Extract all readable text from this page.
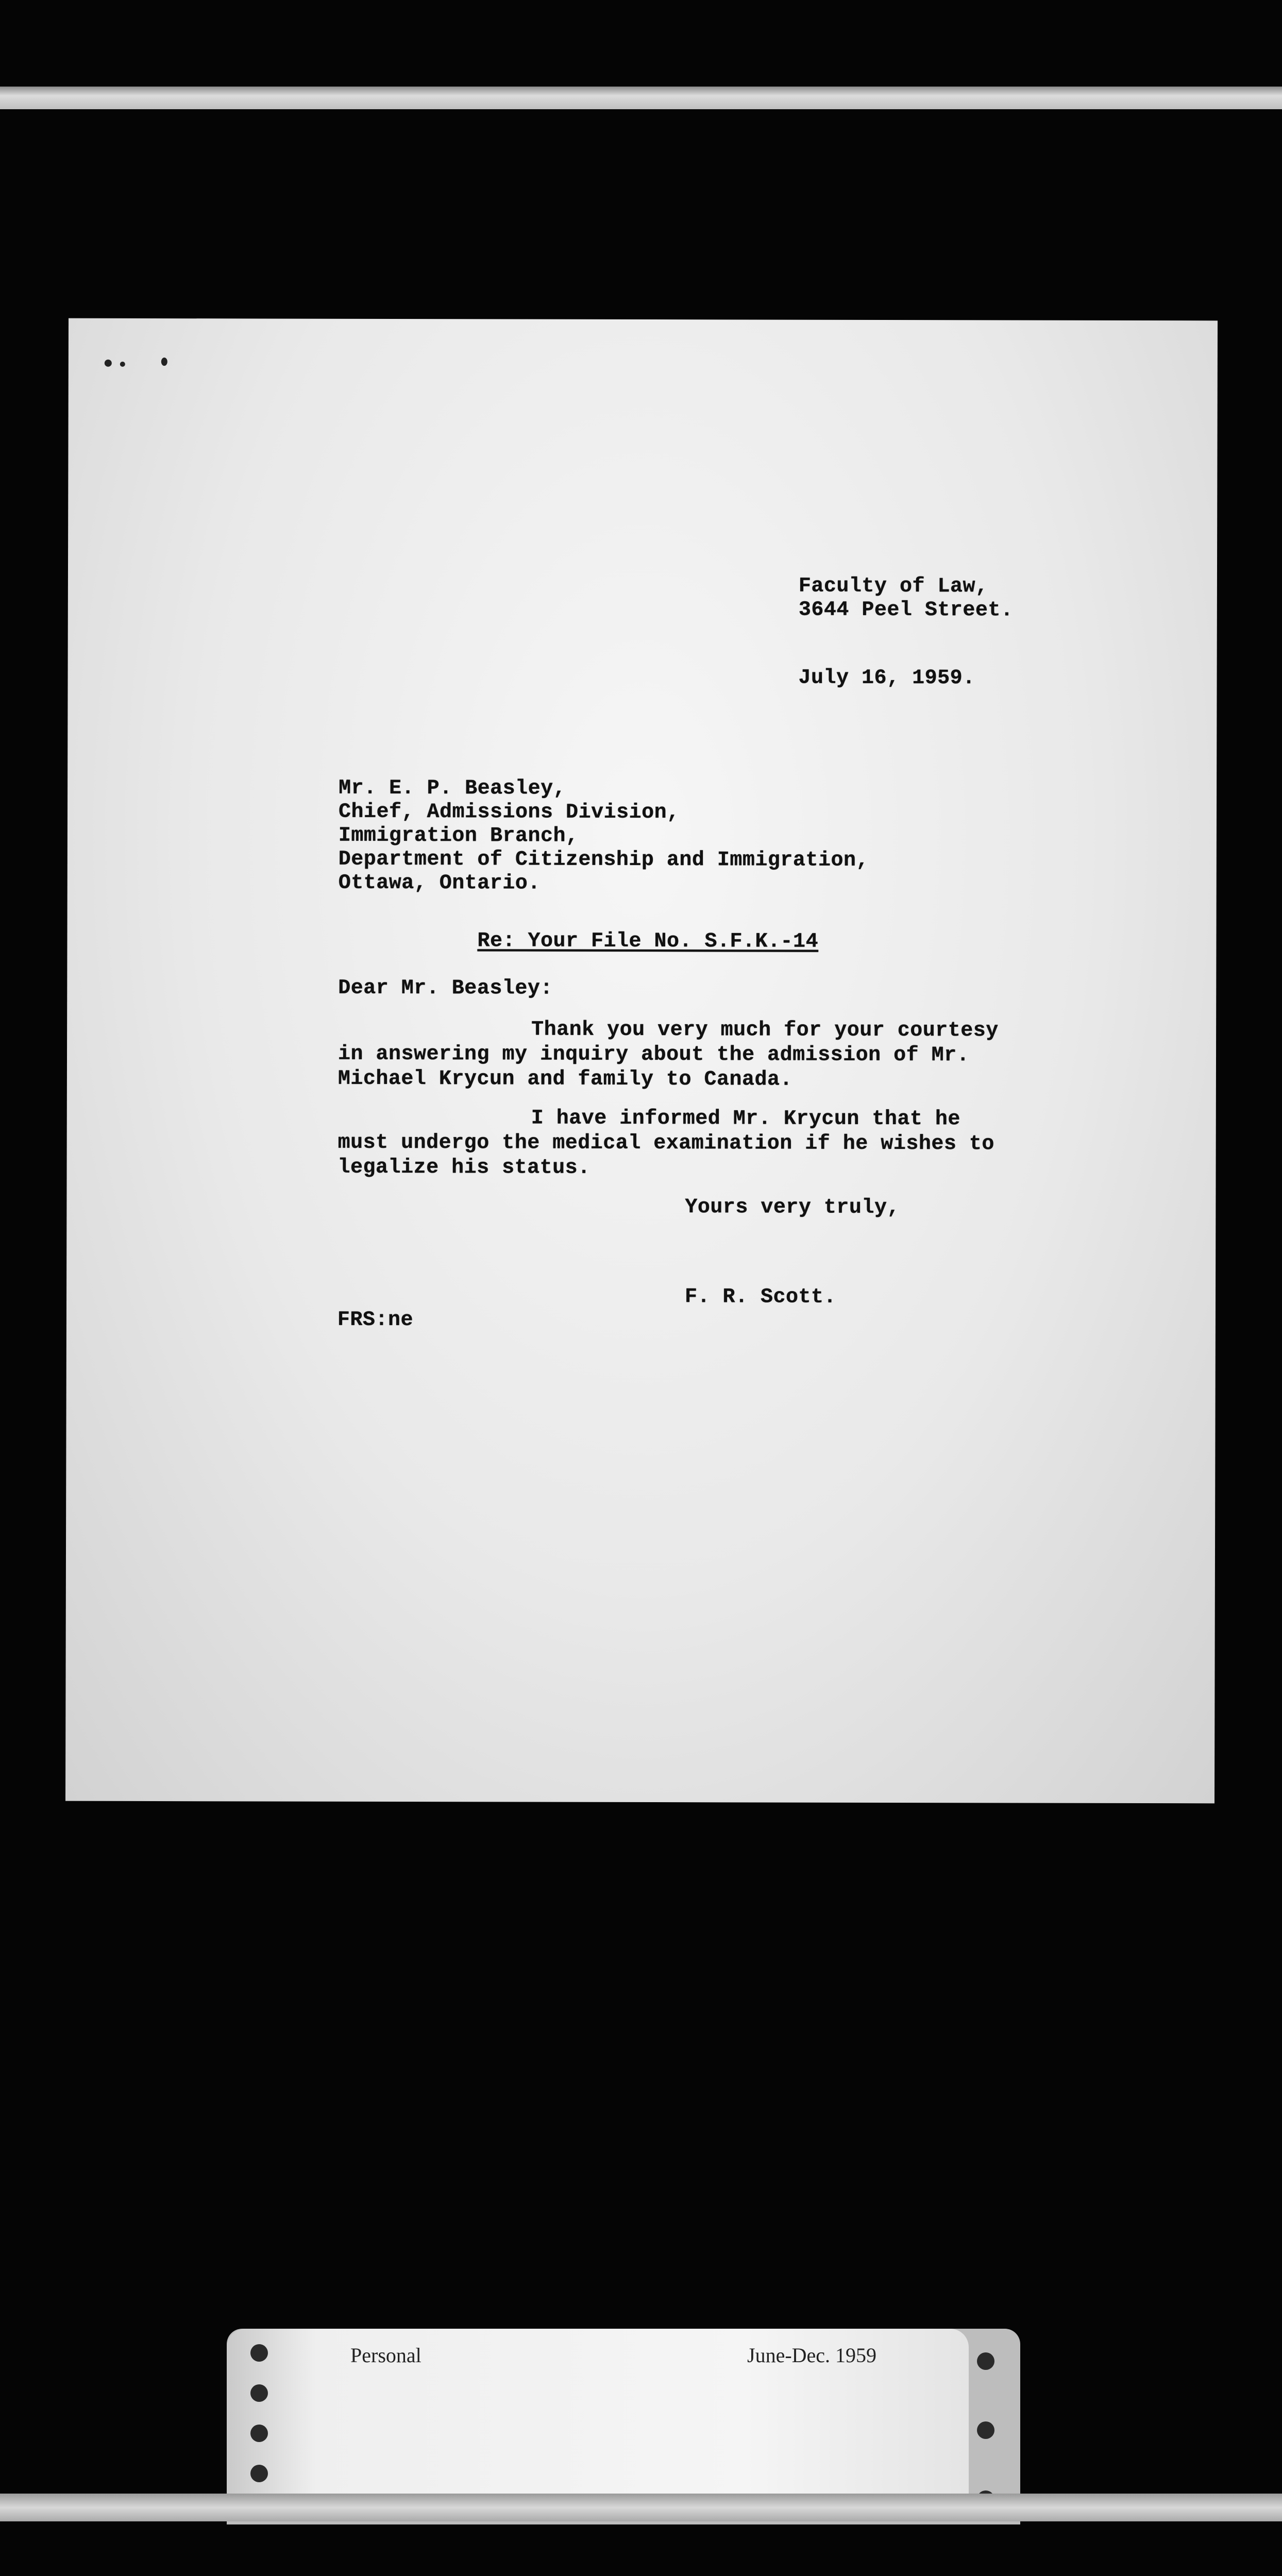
Faculty of Law,
3644 Peel Street.
July 16, 1959.
Mr. E. P. Beasley,
Chief, Admissions Division,
Immigration Branch,
Department of Citizenship and Immigration,
Ottawa, Ontario.
Re: Your File No. S.F.K.-14
Dear Mr. Beasley:
Thank you very much for your courtesy in answering my inquiry about the admission of Mr. Michael Kryсun and family to Canada.
I have informed Mr. Kryсun that he must undergo the medical examination if he wishes to legalize his status.
Yours very truly,
F. R. Scott.
FRS:ne
Personal	June-Dec. 1959
